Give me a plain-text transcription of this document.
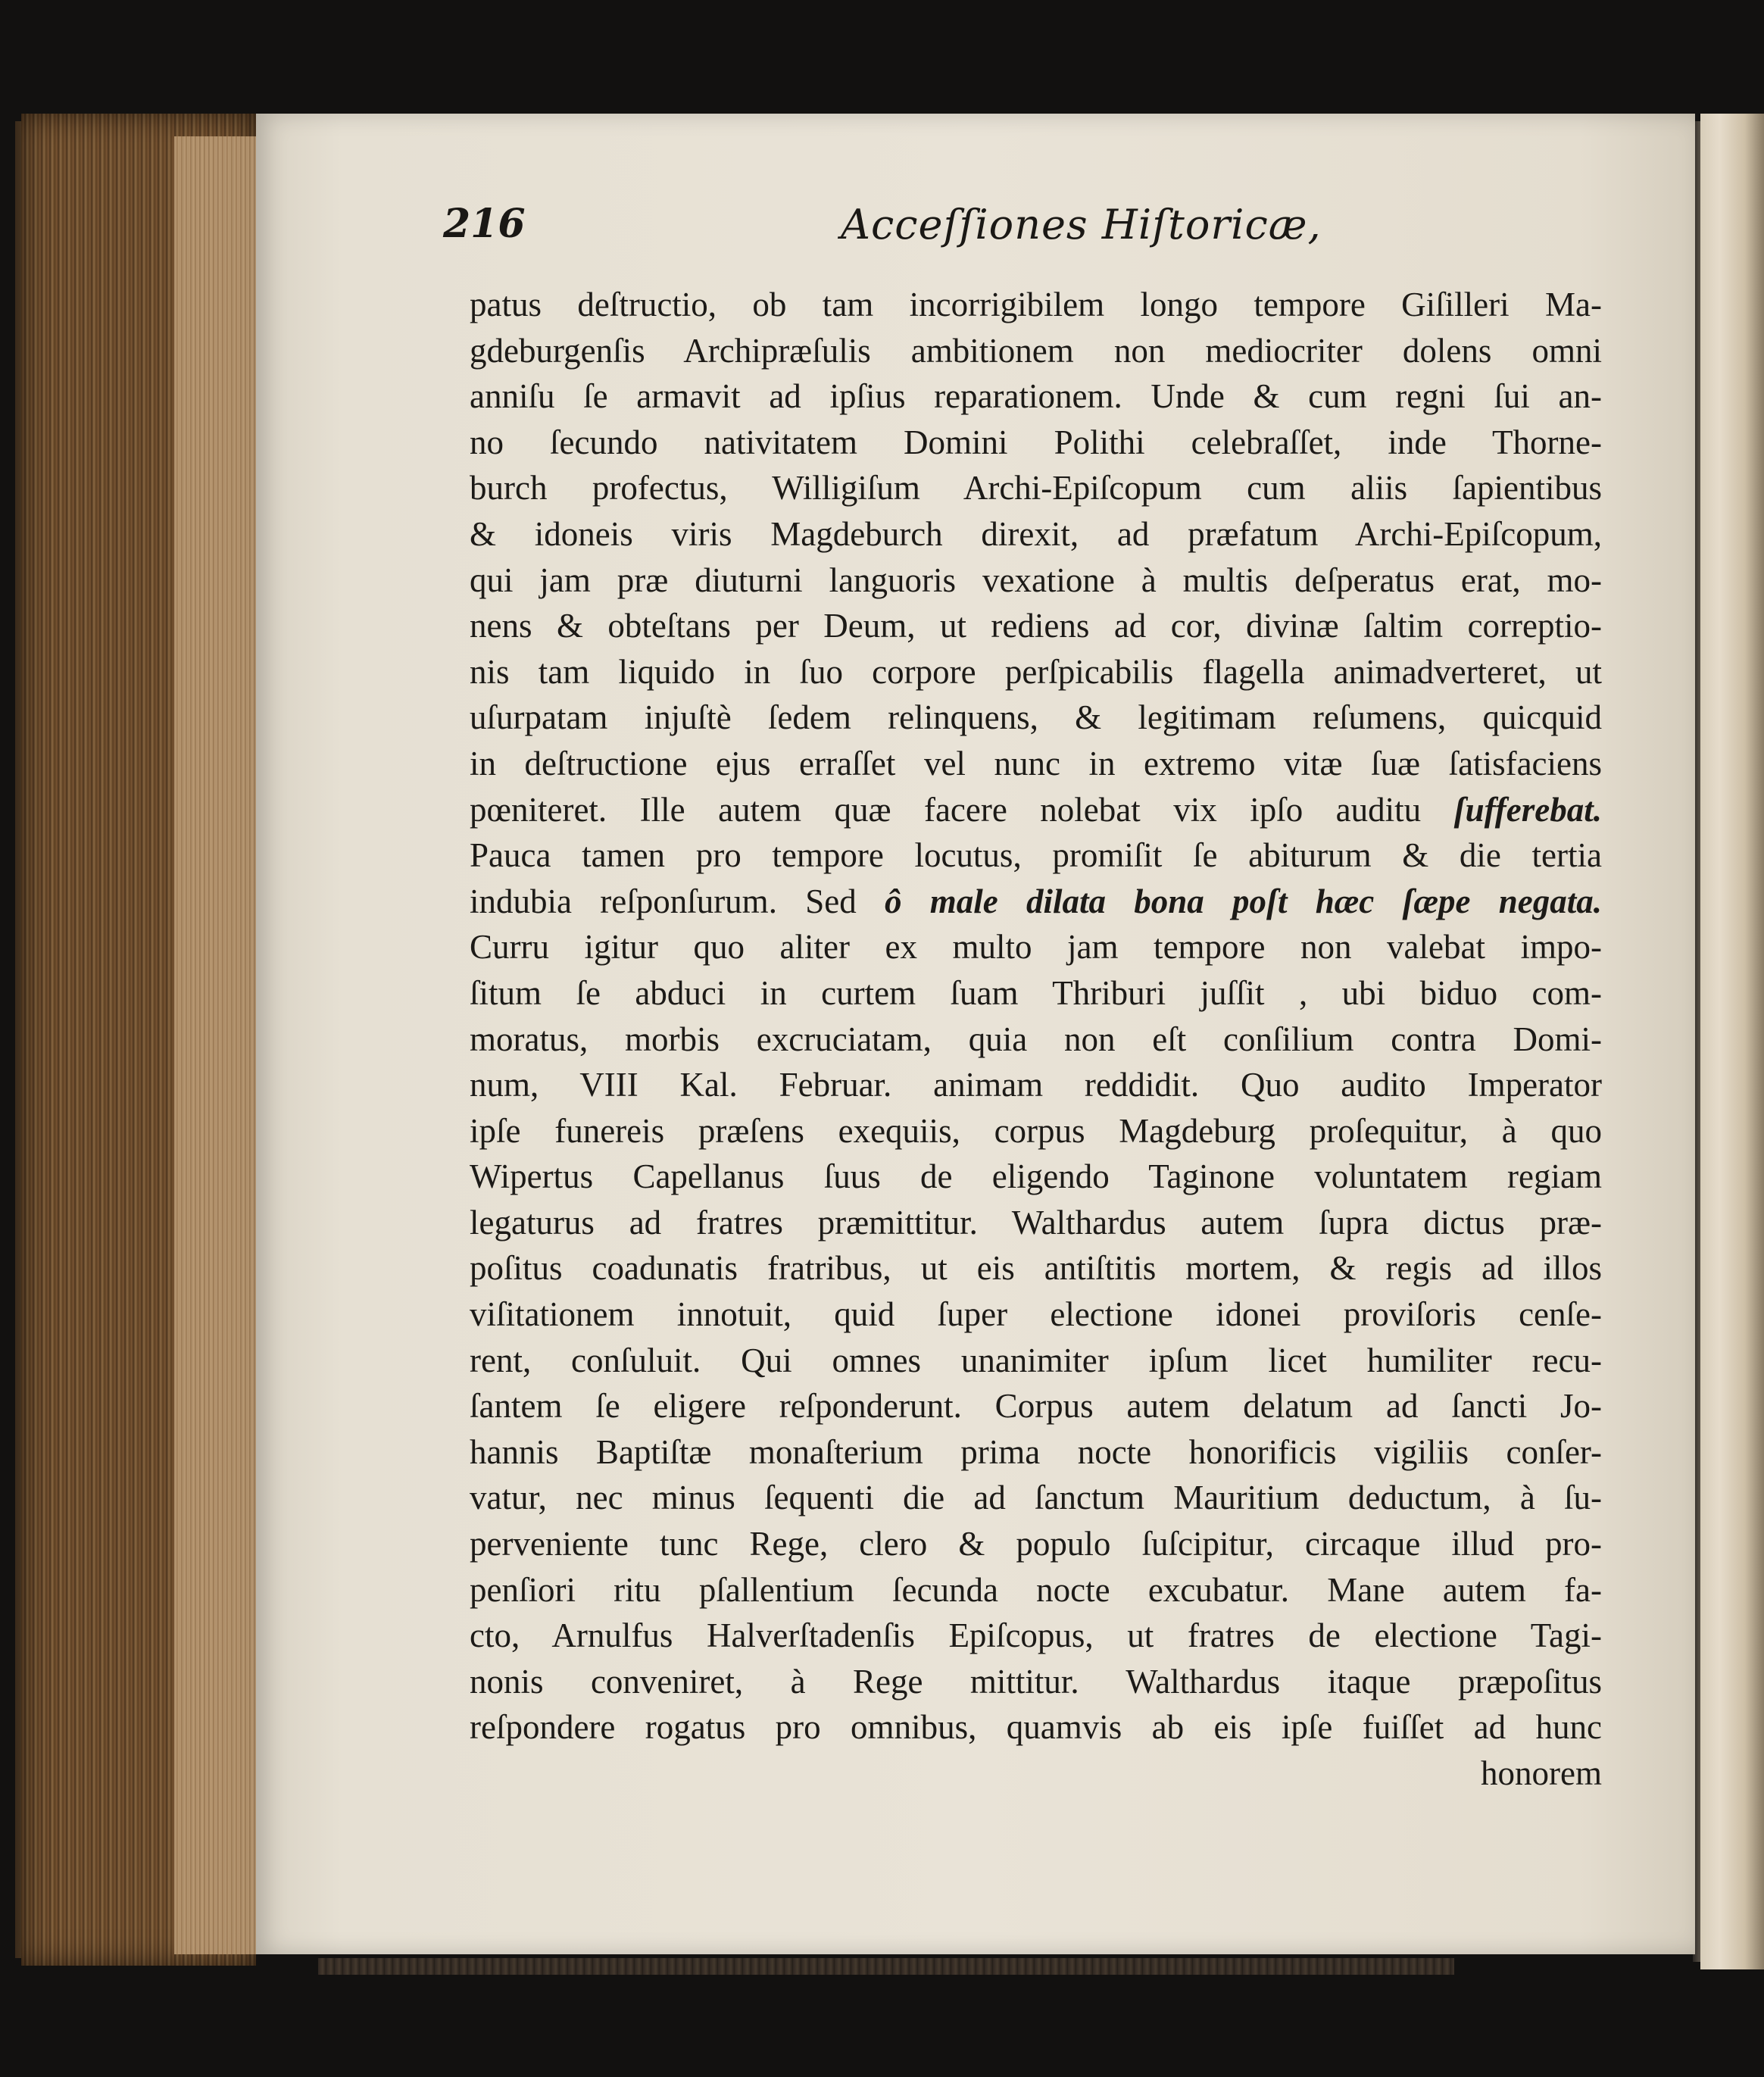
216	Acceſſiones Hiſtoricæ,
patus deſtructio, ob tam incorrigibilem longo tempore Giſilleri Ma-
gdeburgenſis Archipræſulis ambitionem non mediocriter dolens omni
anniſu ſe armavit ad ipſius reparationem. Unde & cum regni ſui an-
no ſecundo nativitatem Domini Polithi celebraſſet, inde Thorne-
burch profectus, Willigiſum Archi-Epiſcopum cum aliis ſapientibus
& idoneis viris Magdeburch direxit, ad præfatum Archi-Epiſcopum,
qui jam præ diuturni languoris vexatione à multis deſperatus erat, mo-
nens & obteſtans per Deum, ut rediens ad cor, divinæ ſaltim correptio-
nis tam liquido in ſuo corpore perſpicabilis flagella animadverteret, ut
uſurpatam injuſtè ſedem relinquens, & legitimam reſumens, quicquid
in deſtructione ejus erraſſet vel nunc in extremo vitæ ſuæ ſatisfaciens
pœniteret. Ille autem quæ facere nolebat vix ipſo auditu ſufferebat.
Pauca tamen pro tempore locutus, promiſit ſe abiturum & die tertia
indubia reſponſurum. Sed ô male dilata bona poſt hæc ſæpe negata.
Curru igitur quo aliter ex multo jam tempore non valebat impo-
ſitum ſe abduci in curtem ſuam Thriburi juſſit , ubi biduo com-
moratus, morbis excruciatam, quia non eſt conſilium contra Domi-
num, VIII Kal. Februar. animam reddidit. Quo audito Imperator
ipſe funereis præſens exequiis, corpus Magdeburg proſequitur, à quo
Wipertus Capellanus ſuus de eligendo Taginone voluntatem regiam
legaturus ad fratres præmittitur. Walthardus autem ſupra dictus præ-
poſitus coadunatis fratribus, ut eis antiſtitis mortem, & regis ad illos
viſitationem innotuit, quid ſuper electione idonei proviſoris cenſe-
rent, conſuluit. Qui omnes unanimiter ipſum licet humiliter recu-
ſantem ſe eligere reſponderunt. Corpus autem delatum ad ſancti Jo-
hannis Baptiſtæ monaſterium prima nocte honorificis vigiliis conſer-
vatur, nec minus ſequenti die ad ſanctum Mauritium deductum, à ſu-
perveniente tunc Rege, clero & populo ſuſcipitur, circaque illud pro-
penſiori ritu pſallentium ſecunda nocte excubatur. Mane autem fa-
cto, Arnulfus Halverſtadenſis Epiſcopus, ut fratres de electione Tagi-
nonis conveniret, à Rege mittitur. Walthardus itaque præpoſitus
reſpondere rogatus pro omnibus, quamvis ab eis ipſe fuiſſet ad hunc
honorem
